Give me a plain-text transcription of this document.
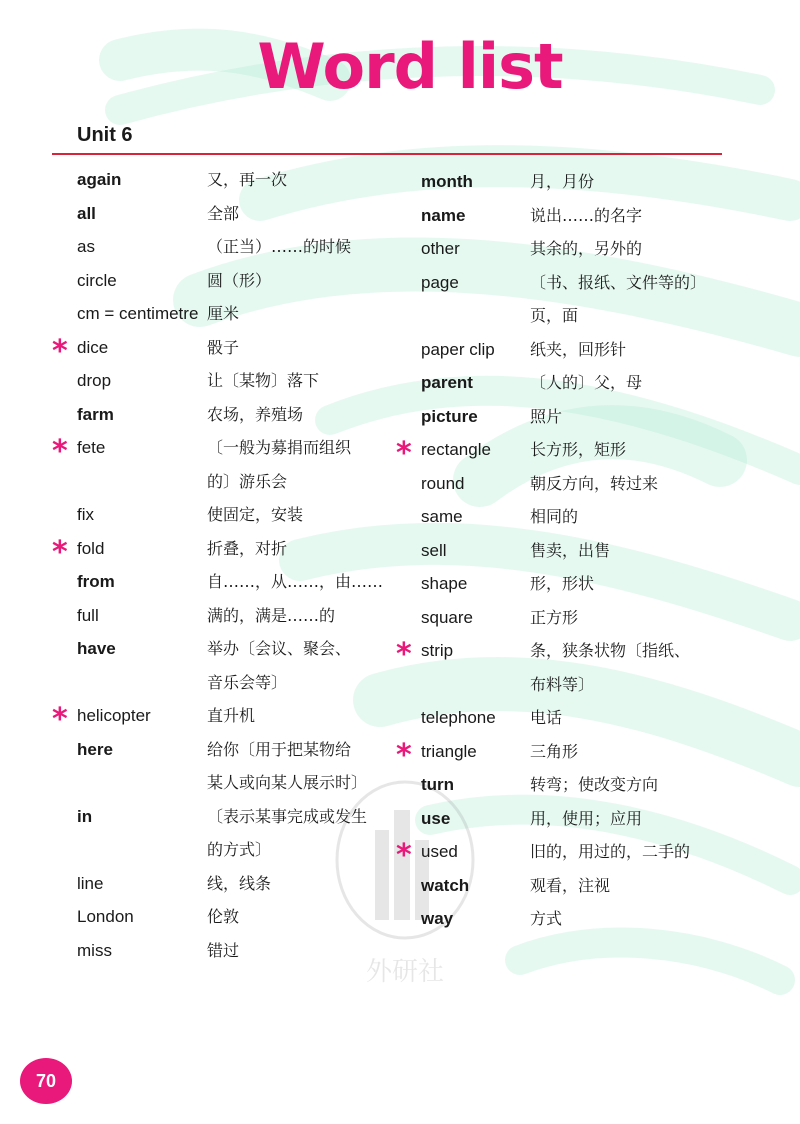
Word list
Unit 6
again	又，再一次
all	全部
as	（正当）……的时候
circle	圆（形）
cm = centimetre 厘米
* dice	骰子
drop	让〔某物〕落下
farm	农场，养殖场
* fete	〔一般为募捐而组织
的〕游乐会
fix	使固定，安装
* fold	折叠，对折
from	自……，从……，由……
full	满的，满是……的
have	举办〔会议、聚会、
音乐会等〕
* helicopter	直升机
here	给你〔用于把某物给
某人或向某人展示时〕
in	〔表示某事完成或发生
的方式〕
line	线，线条
London	伦敦
miss	错过
month	月，月份
name	说出……的名字
other	其余的，另外的
page	〔书、报纸、文件等的〕
页，面
paper clip 纸夹，回形针
parent	〔人的〕父，母
picture	照片
* rectangle 长方形，矩形
round	朝反方向，转过来
same	相同的
sell	售卖，出售
shape	形，形状
square	正方形
* strip	条，狭条状物〔指纸、
布料等〕
telephone 电话
* triangle	三角形
turn	转弯；使改变方向
use	用，使用；应用
* used	旧的，用过的，二手的
watch	观看，注视
way	方式
外研社
70
